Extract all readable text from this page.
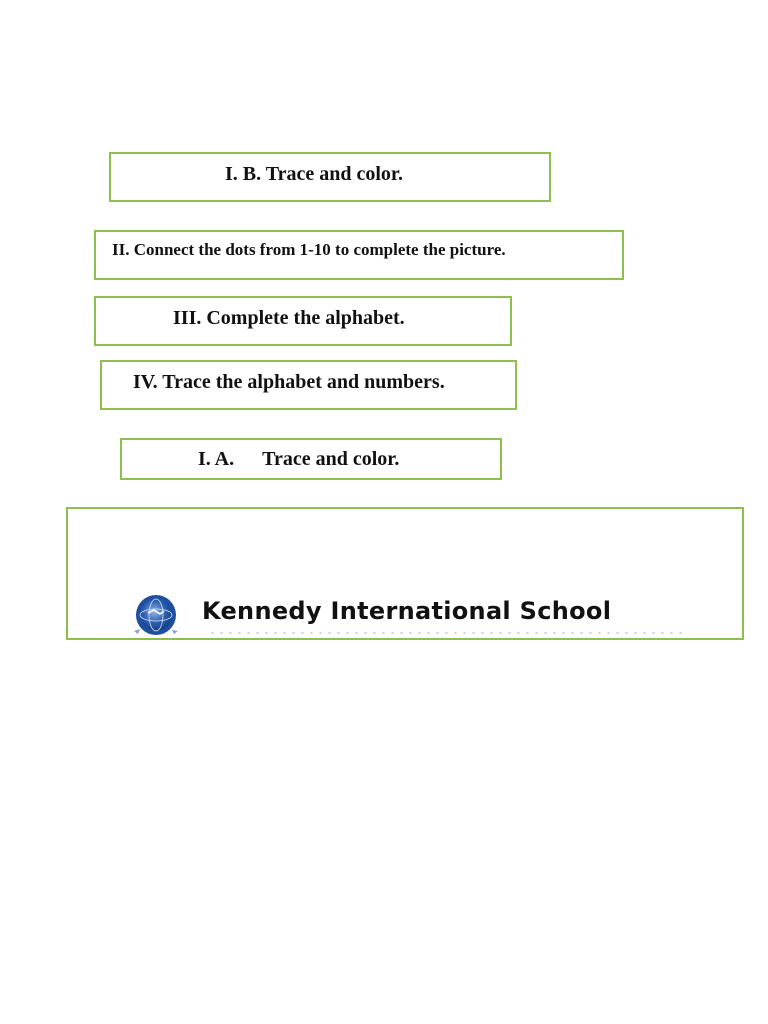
I. B. Trace and color.
II. Connect the dots from 1-10 to complete the picture.
III. Complete the alphabet.
IV. Trace the alphabet and numbers.
I. A. Trace and color.
Kennedy International School
